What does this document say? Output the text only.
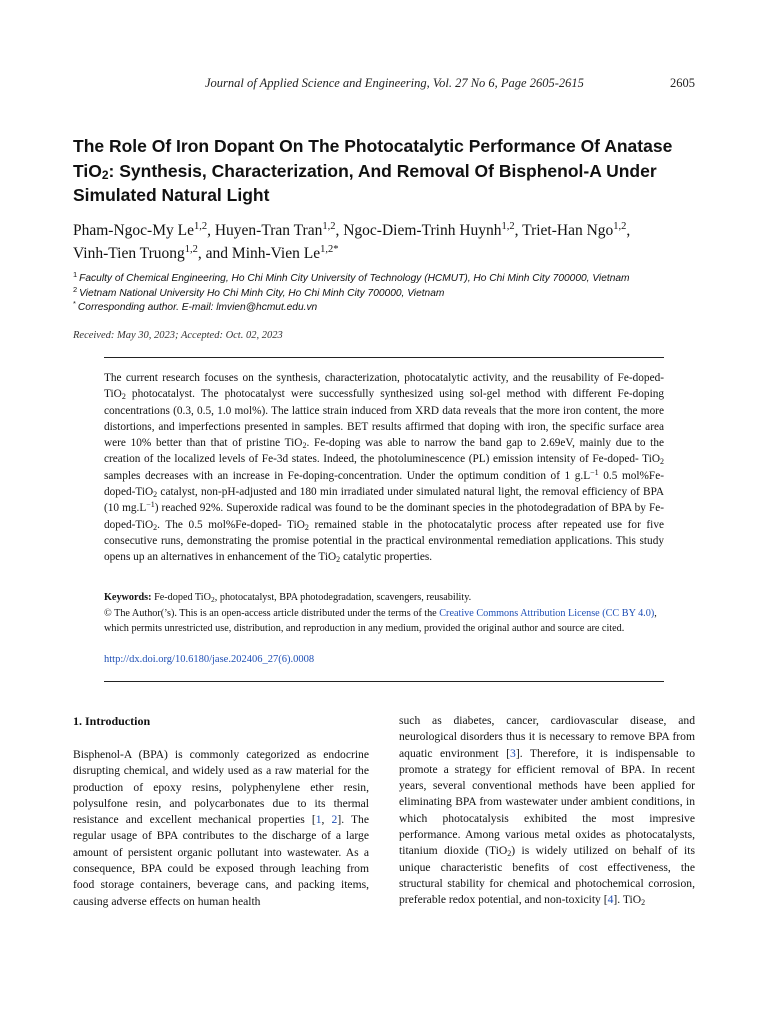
Journal of Applied Science and Engineering, Vol. 27 No 6, Page 2605-2615	2605
The Role Of Iron Dopant On The Photocatalytic Performance Of Anatase
TiO$_2$: Synthesis, Characterization, And Removal Of Bisphenol-A Under
Simulated Natural Light
Pham-Ngoc-My Le$^{1,2}$, Huyen-Tran Tran$^{1,2}$, Ngoc-Diem-Trinh Huynh$^{1,2}$, Triet-Han Ngo$^{1,2}$,
Vinh-Tien Truong$^{1,2}$, and Minh-Vien $Le^{1,2*}$
$^1$ Faculty of Chemical Engineering, Ho Chi Minh City University of Technology (HCMUT), Ho Chi Minh City 700000, Vietnam
$^2$ Vietnam National University Ho Chi Minh City, Ho Chi Minh City 700000, Vietnam
* Corresponding author. E-mail: lmvien@hcmut.edu.vn
Received: May 30, 2023; Accepted: Oct. 02, 2023
The current research focuses on the synthesis, characterization, photocatalytic activity, and the reusability of Fe-doped- TiO$_2$ photocatalyst. The photocatalyst were successfully synthesized using sol-gel method with different Fe-doping concentrations (0.3, 0.5, 1.0 mol%). The lattice strain induced from XRD data reveals that the more iron content, the more distortions, and imperfections presented in samples. BET results affirmed that doping with iron, the specific surface area were 10% better than that of pristine TiO$_2$. Fe-doping was able to narrow the band gap to 2.69eV, mainly due to the creation of the localized levels of Fe-3d states. Indeed, the photoluminescence (PL) emission intensity of Fe-doped- TiO$_2$ samples decreases with an increase in Fe-doping-concentration. Under the optimum condition of 1 $g.L^{-1}$ 0.5 mol%Fe-doped-TiO$_2$ catalyst, non-pH-adjusted and 180 min irradiated under simulated natural light, the removal efficiency of BPA (10 $mg.L^{-1}$) reached 92%. Superoxide radical was found to be the dominant species in the photodegradation of BPA by Fe-doped-TiO$_2$. The 0.5 mol%Fe-doped- TiO$_2$ remained stable in the photocatalytic process after repeated use for five consecutive runs, demonstrating the promise potential in the practical environmental remediation applications. This study opens up an alternatives in enhancement of the TiO$_2$ catalytic properties.
Keywords: Fe-doped TiO$_2$, photocatalyst, BPA photodegradation, scavengers, reusability.
© The Author(’s). This is an open-access article distributed under the terms of the Creative Commons Attribution License (CC BY 4.0), which permits unrestricted use, distribution, and reproduction in any medium, provided the original author and source are cited.
http://dx.doi.org/10.6180/jase.202406_27(6).0008
1. Introduction
Bisphenol-A (BPA) is commonly categorized as endocrine disrupting chemical, and widely used as a raw material for the production of epoxy resins, polyphenylene ether resin, polysulfone resin, and polycarbonates due to its thermal resistance and excellent mechanical properties [1, 2]. The regular usage of BPA contributes to the discharge of a large amount of persistent organic pollutant into wastewater. As a consequence, BPA could be exposed through leaching from food storage containers, beverage cans, and packing items, causing adverse effects on human health
such as diabetes, cancer, cardiovascular disease, and neurological disorders thus it is necessary to remove BPA from aquatic environment [3]. Therefore, it is indispensable to promote a strategy for efficient removal of BPA. In recent years, several conventional methods have been applied for eliminating BPA from wastewater under ambient conditions, in which photocatalysis exhibited the most impresive performance. Among various metal oxides as photocatalysts, titanium dioxide (TiO$_2$) is widely utilized on behalf of its unique characteristic benefits of cost effectiveness, the structural stability for chemical and photochemical corrosion, preferable redox potential, and non-toxicity [4]. TiO$_2$
